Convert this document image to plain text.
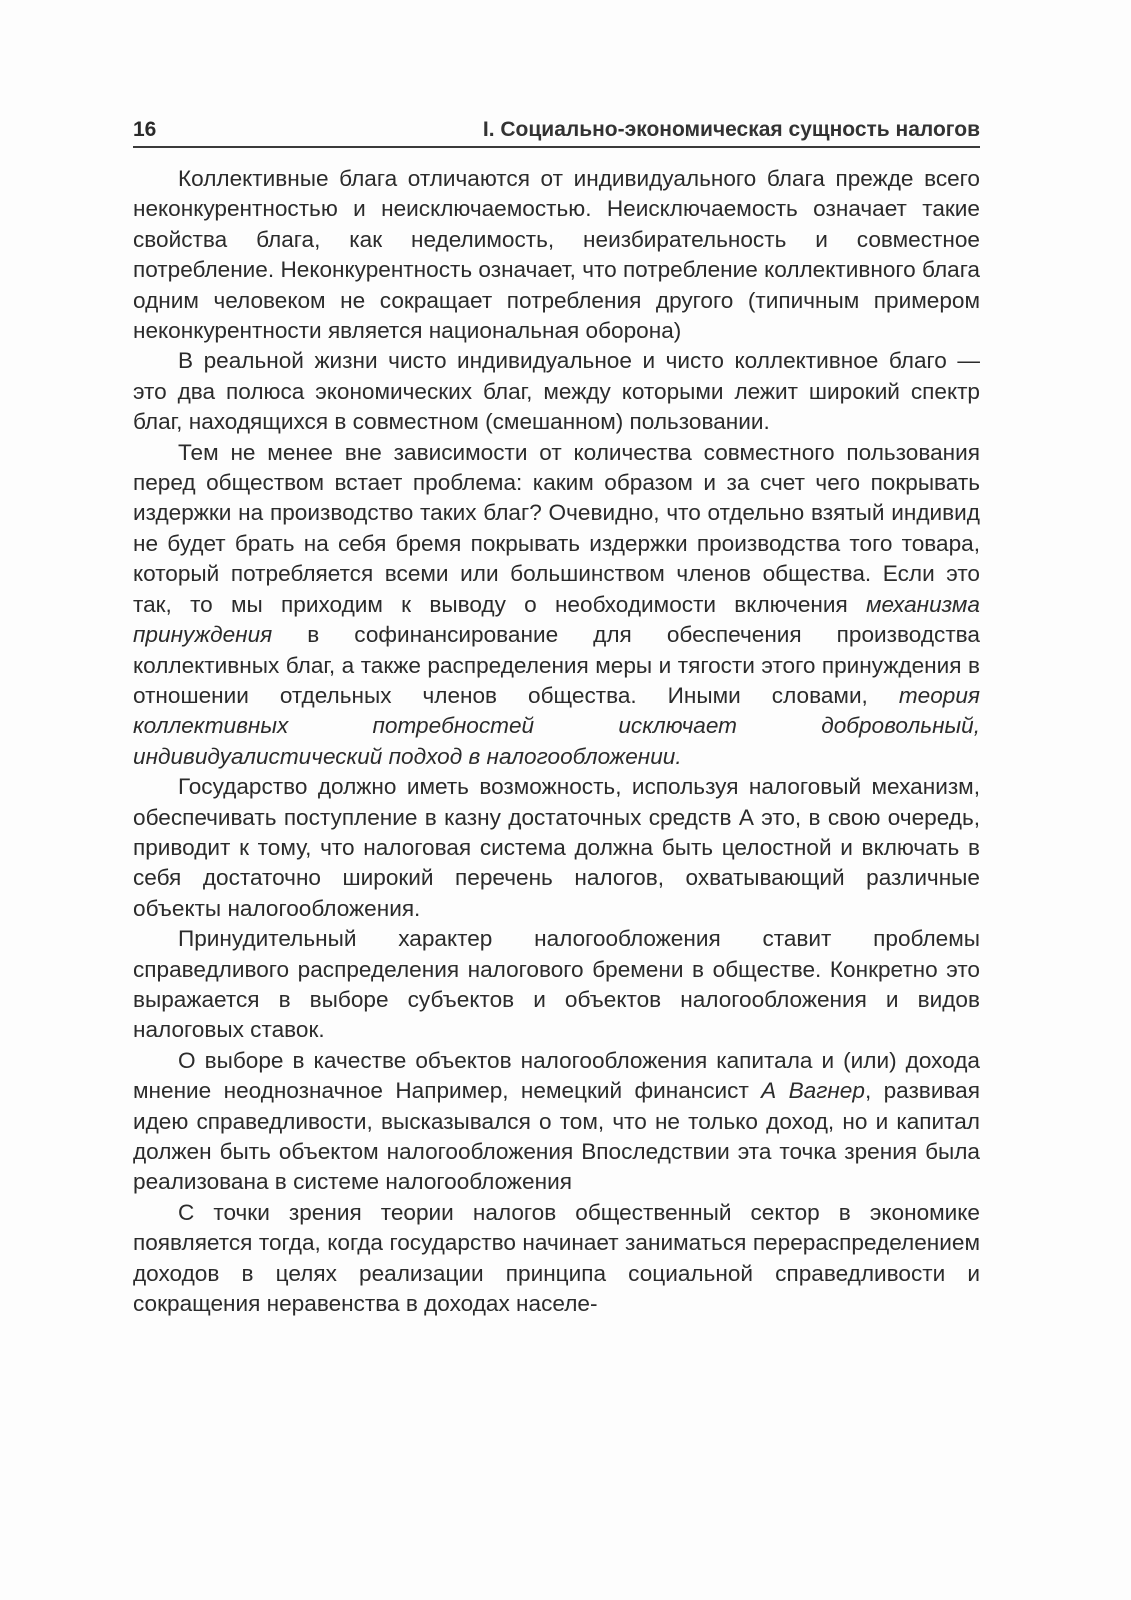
16	I. Социально-экономическая сущность налогов

Коллективные блага отличаются от индивидуального блага прежде всего неконкурентностью и неисключаемостью. Неисключаемость означает такие свойства блага, как неделимость, неизбирательность и совместное потребление. Неконкурентность означает, что потребление коллективного блага одним человеком не сокращает потребления другого (типичным примером неконкурентности является национальная оборона)

В реальной жизни чисто индивидуальное и чисто коллективное благо — это два полюса экономических благ, между которыми лежит широкий спектр благ, находящихся в совместном (смешанном) пользовании.

Тем не менее вне зависимости от количества совместного пользования перед обществом встает проблема: каким образом и за счет чего покрывать издержки на производство таких благ? Очевидно, что отдельно взятый индивид не будет брать на себя бремя покрывать издержки производства того товара, который потребляется всеми или большинством членов общества. Если это так, то мы приходим к выводу о необходимости включения механизма принуждения в софинансирование для обеспечения производства коллективных благ, а также распределения меры и тягости этого принуждения в отношении отдельных членов общества. Иными словами, теория коллективных потребностей исключает добровольный, индивидуалистический подход в налогообложении.

Государство должно иметь возможность, используя налоговый механизм, обеспечивать поступление в казну достаточных средств А это, в свою очередь, приводит к тому, что налоговая система должна быть целостной и включать в себя достаточно широкий перечень налогов, охватывающий различные объекты налогообложения.

Принудительный характер налогообложения ставит проблемы справедливого распределения налогового бремени в обществе. Конкретно это выражается в выборе субъектов и объектов налогообложения и видов налоговых ставок.

О выборе в качестве объектов налогообложения капитала и (или) дохода мнение неоднозначное Например, немецкий финансист А Вагнер, развивая идею справедливости, высказывался о том, что не только доход, но и капитал должен быть объектом налогообложения Впоследствии эта точка зрения была реализована в системе налогообложения

С точки зрения теории налогов общественный сектор в экономике появляется тогда, когда государство начинает заниматься перераспределением доходов в целях реализации принципа социальной справедливости и сокращения неравенства в доходах населе-
